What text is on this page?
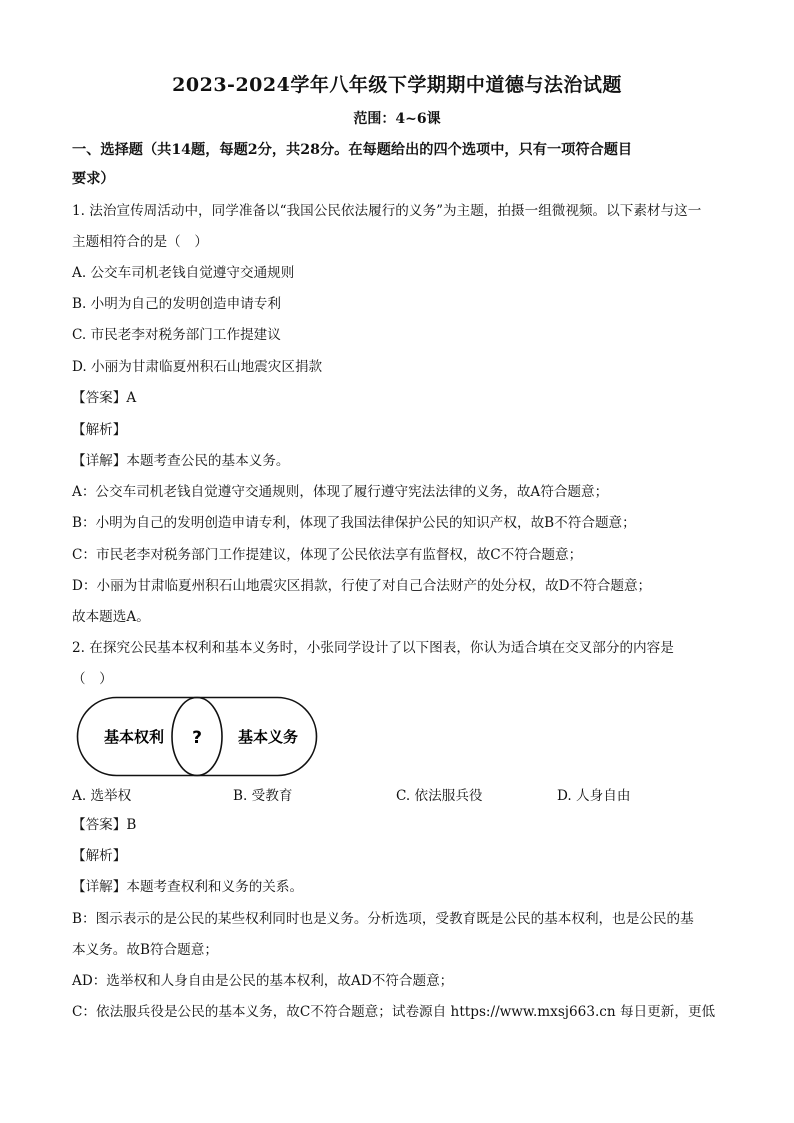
2023-2024学年八年级下学期期中道德与法治试题
范围：4~6课
一、选择题（共14题，每题2分，共28分。在每题给出的四个选项中，只有一项符合题目
要求）
1. 法治宣传周活动中，同学准备以“我国公民依法履行的义务”为主题，拍摄一组微视频。以下素材与这一
主题相符合的是（　）
A. 公交车司机老钱自觉遵守交通规则
B. 小明为自己的发明创造申请专利
C. 市民老李对税务部门工作提建议
D. 小丽为甘肃临夏州积石山地震灾区捐款
【答案】A
【解析】
【详解】本题考查公民的基本义务。
A：公交车司机老钱自觉遵守交通规则，体现了履行遵守宪法法律的义务，故A符合题意；
B：小明为自己的发明创造申请专利，体现了我国法律保护公民的知识产权，故B不符合题意；
C：市民老李对税务部门工作提建议，体现了公民依法享有监督权，故C不符合题意；
D：小丽为甘肃临夏州积石山地震灾区捐款，行使了对自己合法财产的处分权，故D不符合题意；
故本题选A。
2. 在探究公民基本权利和基本义务时，小张同学设计了以下图表，你认为适合填在交叉部分的内容是
（　）
基本权利 ? 基本义务
A. 选举权	B. 受教育	C. 依法服兵役	D. 人身自由
【答案】B
【解析】
【详解】本题考查权利和义务的关系。
B：图示表示的是公民的某些权利同时也是义务。分析选项，受教育既是公民的基本权利，也是公民的基
本义务。故B符合题意；
AD：选举权和人身自由是公民的基本权利，故AD不符合题意；
C：依法服兵役是公民的基本义务，故C不符合题意；试卷源自 https://www.mxsj663.cn 每日更新，更低
